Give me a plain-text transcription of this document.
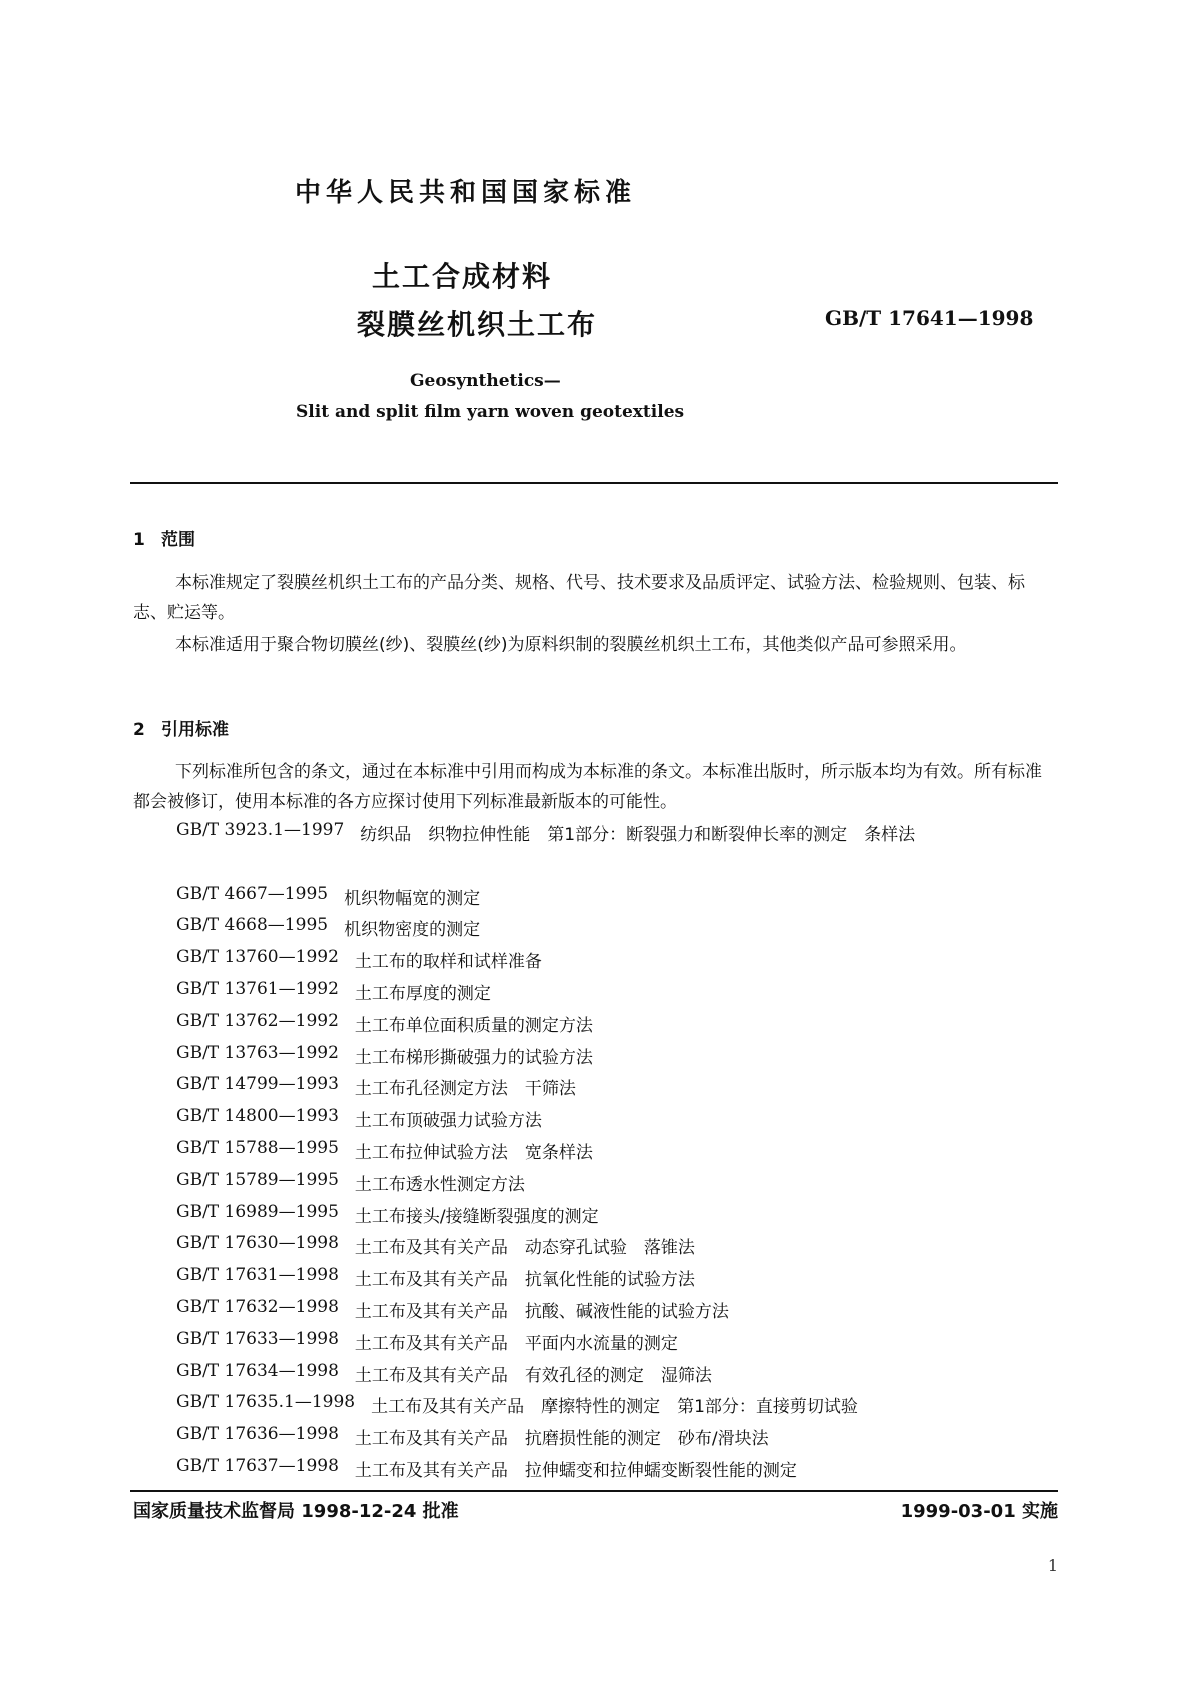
中华人民共和国国家标准
土工合成材料
裂膜丝机织土工布	GB/T 17641—1998
Geosynthetics—
Slit and split film yarn woven geotextiles
1 范围
本标准规定了裂膜丝机织土工布的产品分类、规格、代号、技术要求及品质评定、试验方法、检验规则、包装、标志、贮运等。
本标准适用于聚合物切膜丝(纱)、裂膜丝(纱)为原料织制的裂膜丝机织土工布，其他类似产品可参照采用。
2 引用标准
下列标准所包含的条文，通过在本标准中引用而构成为本标准的条文。本标准出版时，所示版本均为有效。所有标准都会被修订，使用本标准的各方应探讨使用下列标准最新版本的可能性。
GB/T 3923.1—1997 纺织品　织物拉伸性能　第1部分：断裂强力和断裂伸长率的测定　条样法
GB/T 4667—1995 机织物幅宽的测定
GB/T 4668—1995 机织物密度的测定
GB/T 13760—1992 土工布的取样和试样准备
GB/T 13761—1992 土工布厚度的测定
GB/T 13762—1992 土工布单位面积质量的测定方法
GB/T 13763—1992 土工布梯形撕破强力的试验方法
GB/T 14799—1993 土工布孔径测定方法　干筛法
GB/T 14800—1993 土工布顶破强力试验方法
GB/T 15788—1995 土工布拉伸试验方法　宽条样法
GB/T 15789—1995 土工布透水性测定方法
GB/T 16989—1995 土工布接头/接缝断裂强度的测定
GB/T 17630—1998 土工布及其有关产品　动态穿孔试验　落锥法
GB/T 17631—1998 土工布及其有关产品　抗氧化性能的试验方法
GB/T 17632—1998 土工布及其有关产品　抗酸、碱液性能的试验方法
GB/T 17633—1998 土工布及其有关产品　平面内水流量的测定
GB/T 17634—1998 土工布及其有关产品　有效孔径的测定　湿筛法
GB/T 17635.1—1998 土工布及其有关产品　摩擦特性的测定　第1部分：直接剪切试验
GB/T 17636—1998 土工布及其有关产品　抗磨损性能的测定　砂布/滑块法
GB/T 17637—1998 土工布及其有关产品　拉伸蠕变和拉伸蠕变断裂性能的测定
国家质量技术监督局 1998-12-24 批准	1999-03-01 实施
1
